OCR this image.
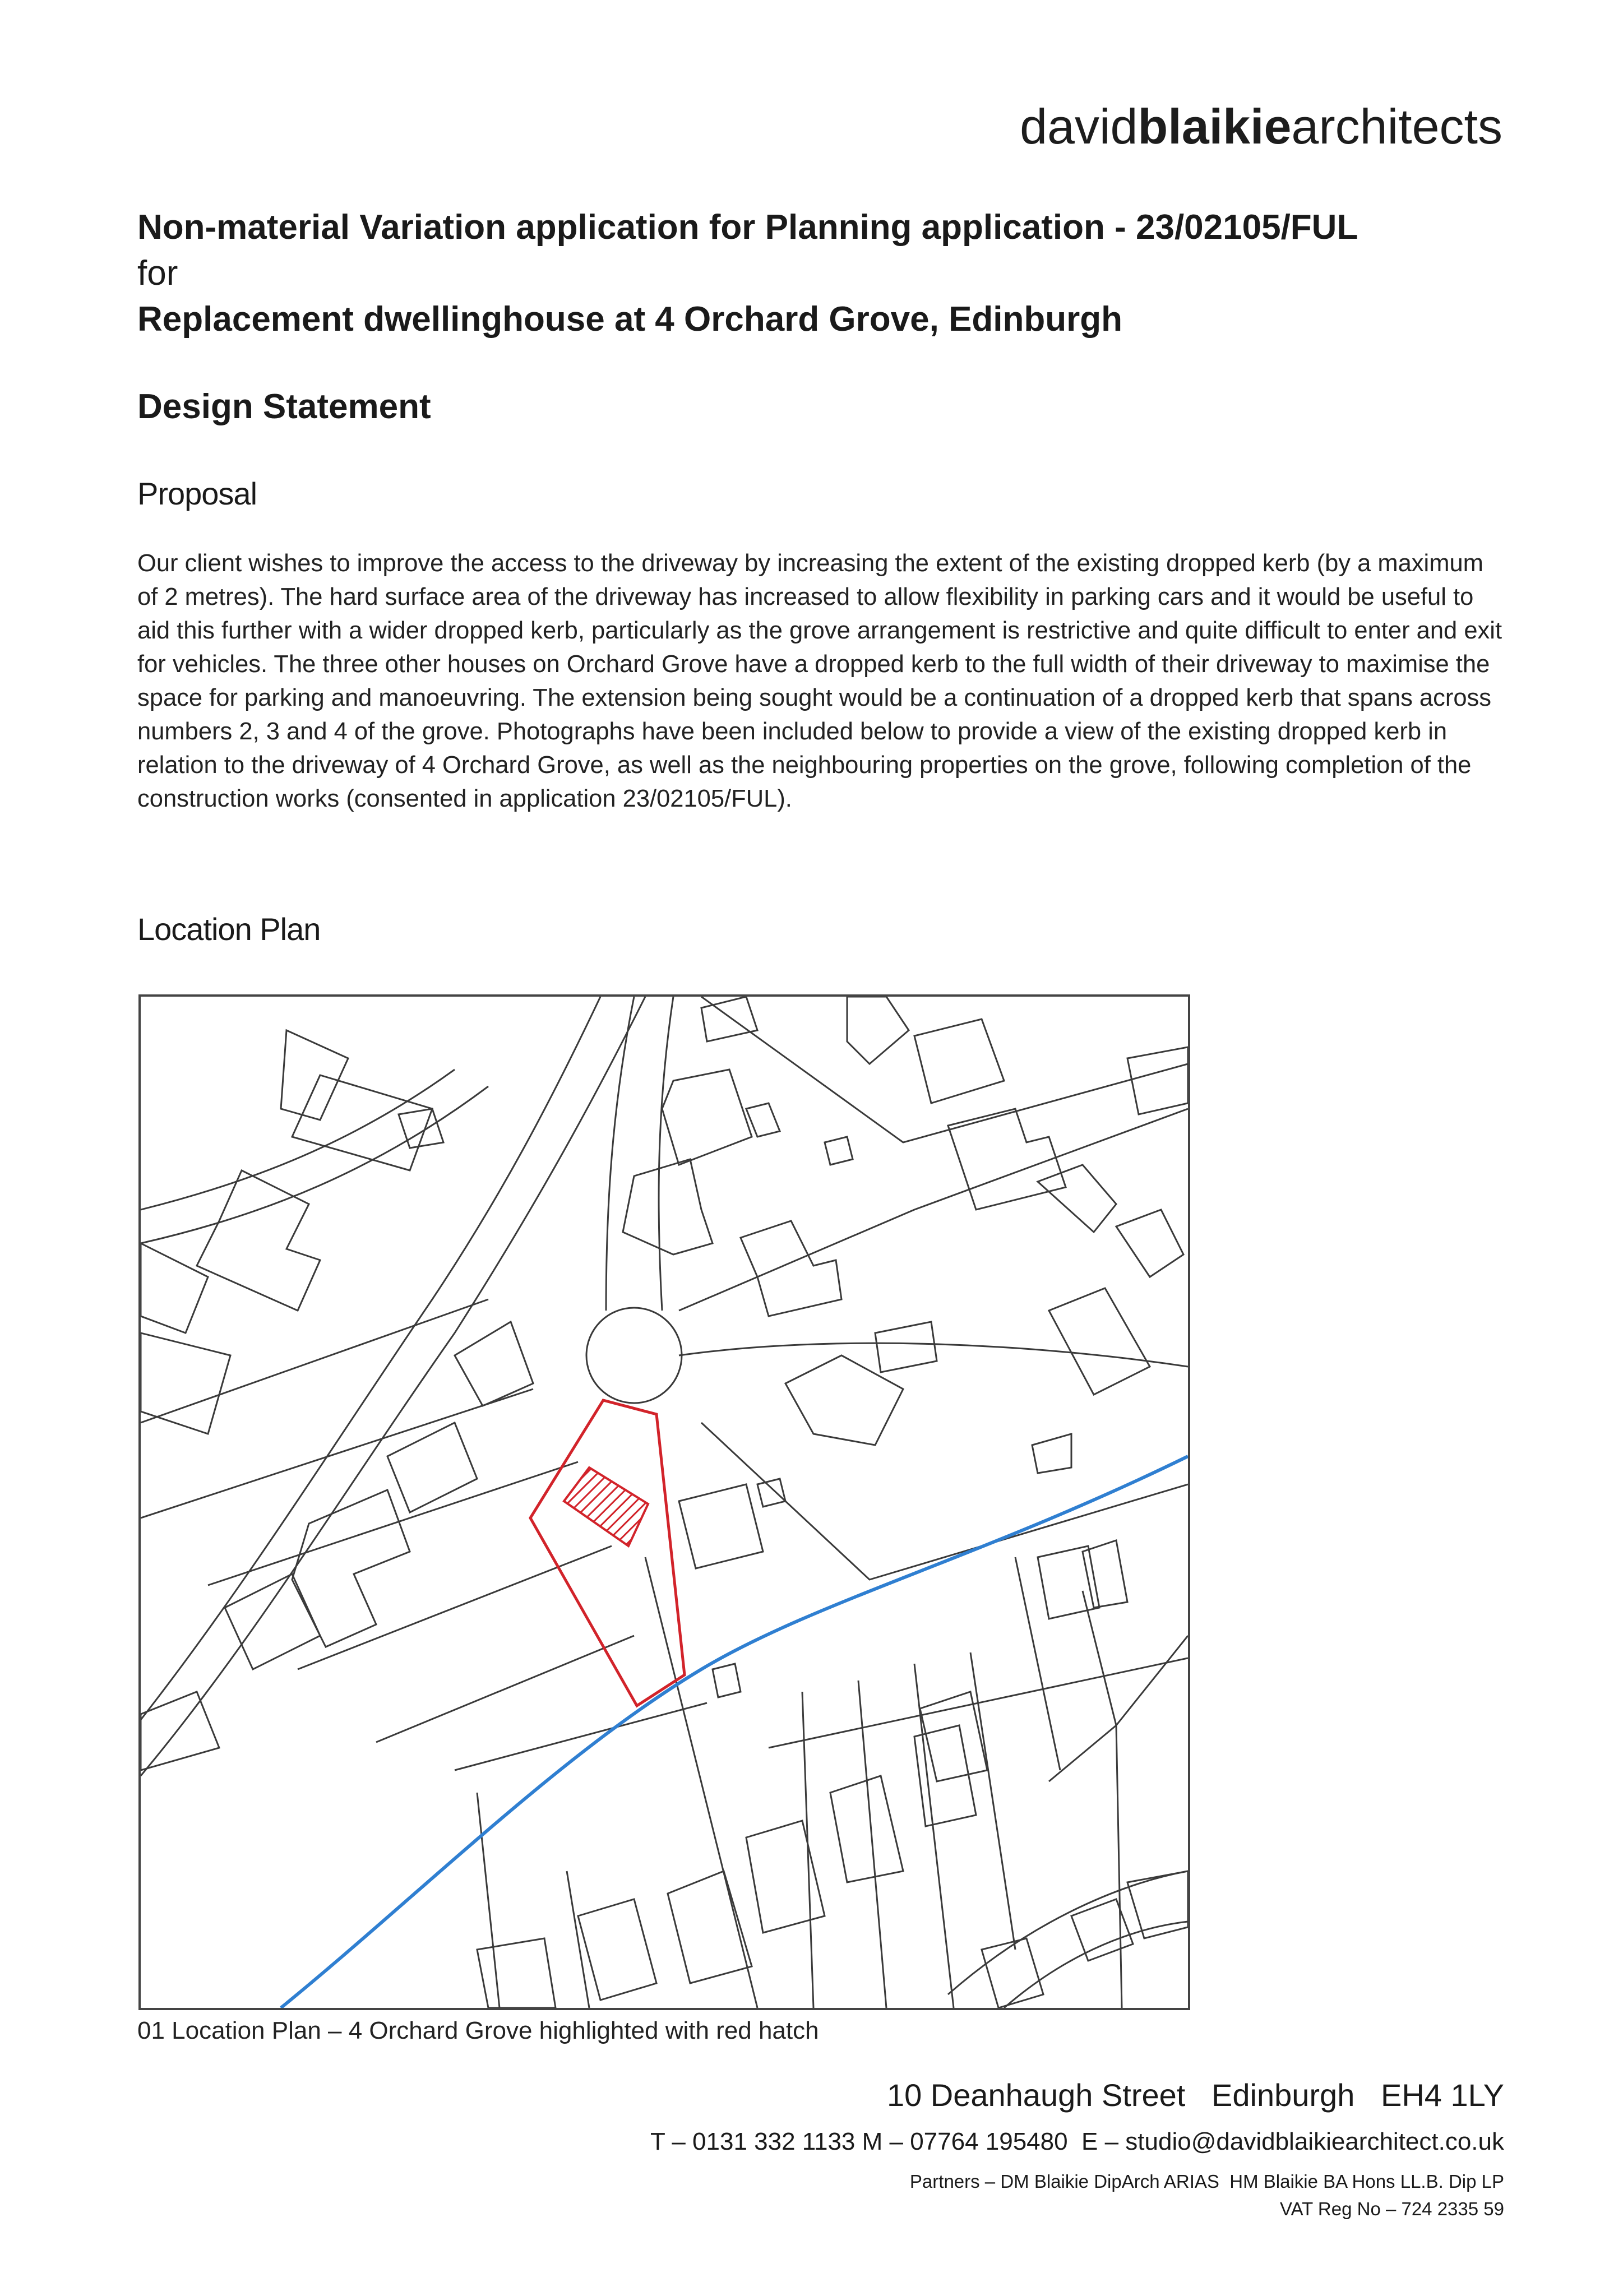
davidblaikiearchitects

Non-material Variation application for Planning application - 23/02105/FUL

for

Replacement dwellinghouse at 4 Orchard Grove, Edinburgh

Design Statement

Proposal

Our client wishes to improve the access to the driveway by increasing the extent of the existing dropped kerb (by a maximum of 2 metres). The hard surface area of the driveway has increased to allow flexibility in parking cars and it would be useful to aid this further with a wider dropped kerb, particularly as the grove arrangement is restrictive and quite difficult to enter and exit for vehicles. The three other houses on Orchard Grove have a dropped kerb to the full width of their driveway to maximise the space for parking and manoeuvring. The extension being sought would be a continuation of a dropped kerb that spans across numbers 2, 3 and 4 of the grove. Photographs have been included below to provide a view of the existing dropped kerb in relation to the driveway of 4 Orchard Grove, as well as the neighbouring properties on the grove, following completion of the construction works (consented in application 23/02105/FUL).

Location Plan

01 Location Plan – 4 Orchard Grove highlighted with red hatch

10 Deanhaugh Street   Edinburgh   EH4 1LY

T – 0131 332 1133 M – 07764 195480  E – studio@davidblaikiearchitect.co.uk

Partners – DM Blaikie DipArch ARIAS  HM Blaikie BA Hons LL.B. Dip LP

VAT Reg No – 724 2335 59
